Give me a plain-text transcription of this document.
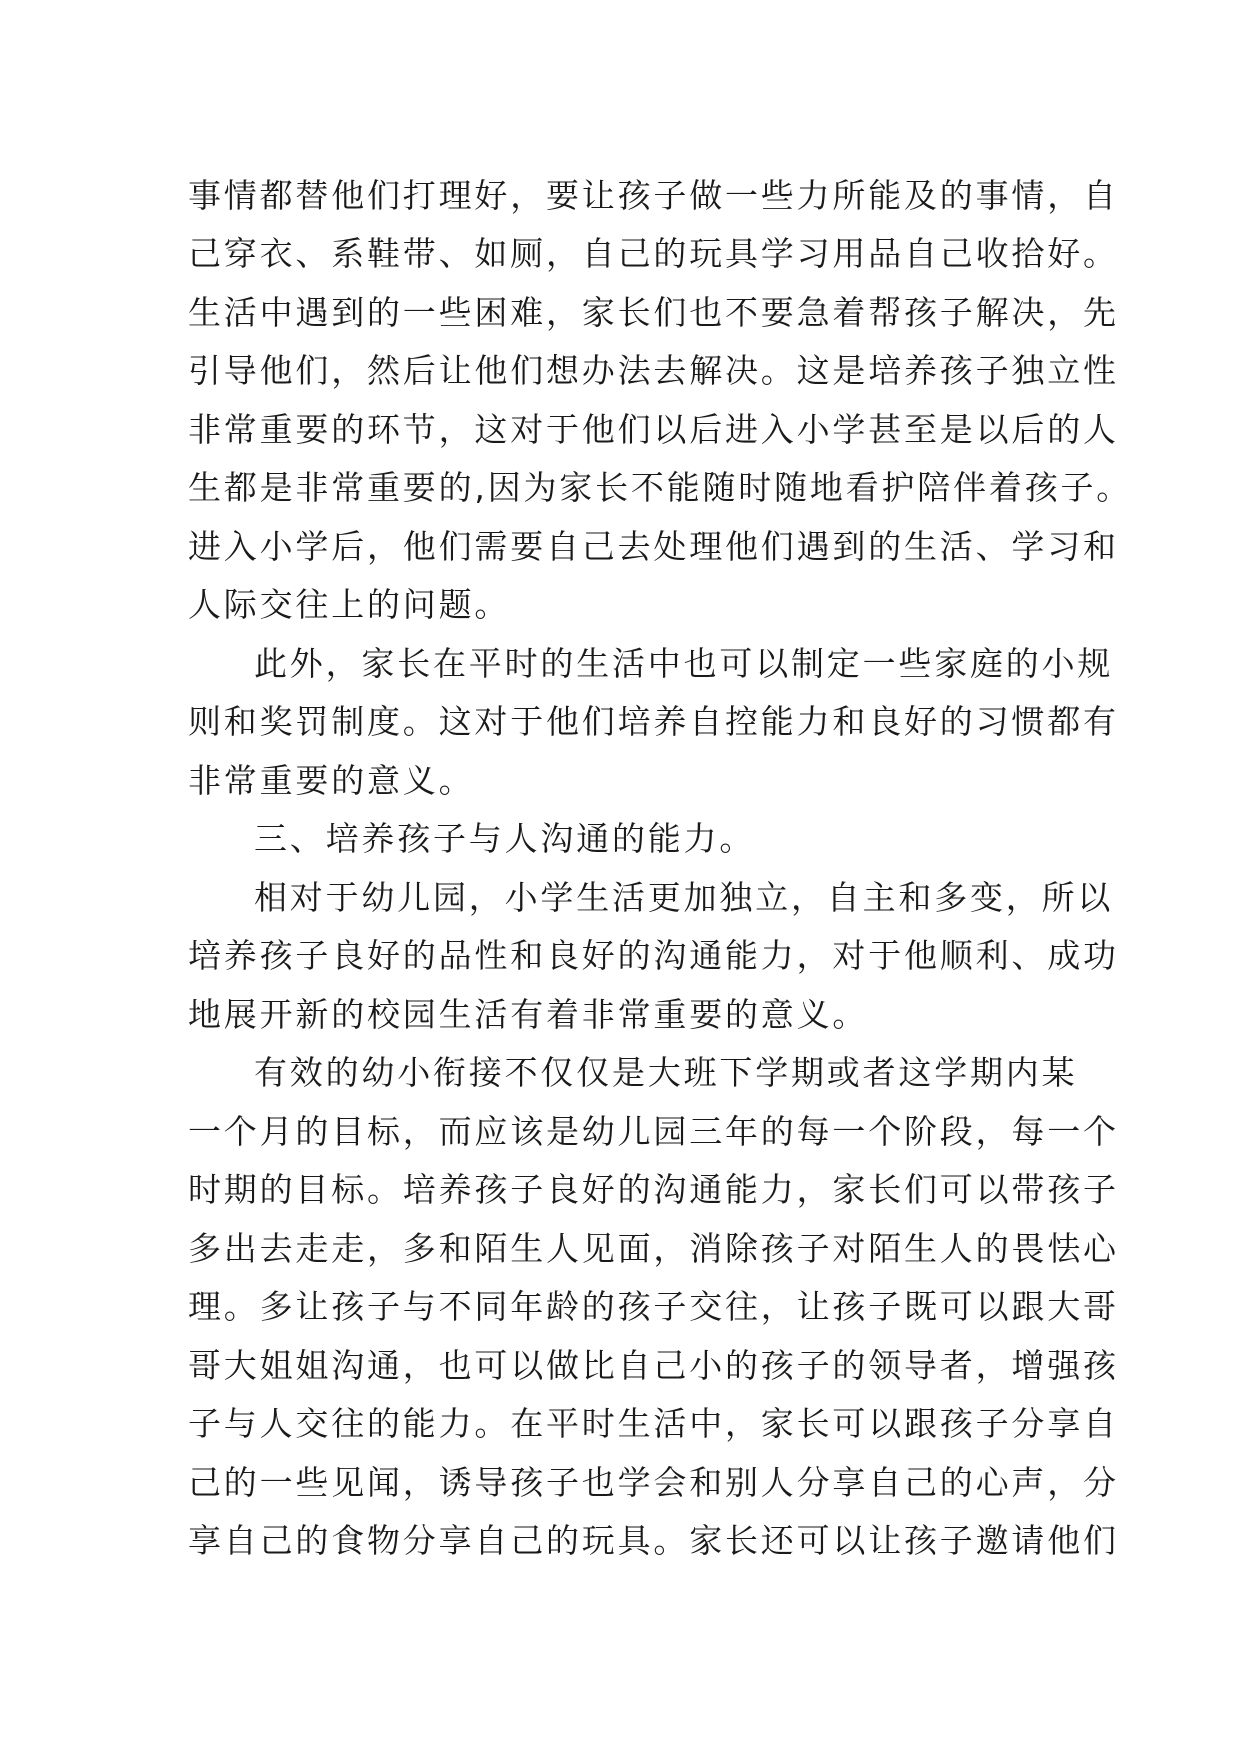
事情都替他们打理好，要让孩子做一些力所能及的事情，自
己穿衣、系鞋带、如厕，自己的玩具学习用品自己收拾好。
生活中遇到的一些困难，家长们也不要急着帮孩子解决，先
引导他们，然后让他们想办法去解决。这是培养孩子独立性
非常重要的环节，这对于他们以后进入小学甚至是以后的人
生都是非常重要的,因为家长不能随时随地看护陪伴着孩子。
进入小学后，他们需要自己去处理他们遇到的生活、学习和
人际交往上的问题。
此外，家长在平时的生活中也可以制定一些家庭的小规
则和奖罚制度。这对于他们培养自控能力和良好的习惯都有
非常重要的意义。
三、培养孩子与人沟通的能力。
相对于幼儿园，小学生活更加独立，自主和多变，所以
培养孩子良好的品性和良好的沟通能力，对于他顺利、成功
地展开新的校园生活有着非常重要的意义。
有效的幼小衔接不仅仅是大班下学期或者这学期内某
一个月的目标，而应该是幼儿园三年的每一个阶段，每一个
时期的目标。培养孩子良好的沟通能力，家长们可以带孩子
多出去走走，多和陌生人见面，消除孩子对陌生人的畏怯心
理。多让孩子与不同年龄的孩子交往，让孩子既可以跟大哥
哥大姐姐沟通，也可以做比自己小的孩子的领导者，增强孩
子与人交往的能力。在平时生活中，家长可以跟孩子分享自
己的一些见闻，诱导孩子也学会和别人分享自己的心声，分
享自己的食物分享自己的玩具。家长还可以让孩子邀请他们
